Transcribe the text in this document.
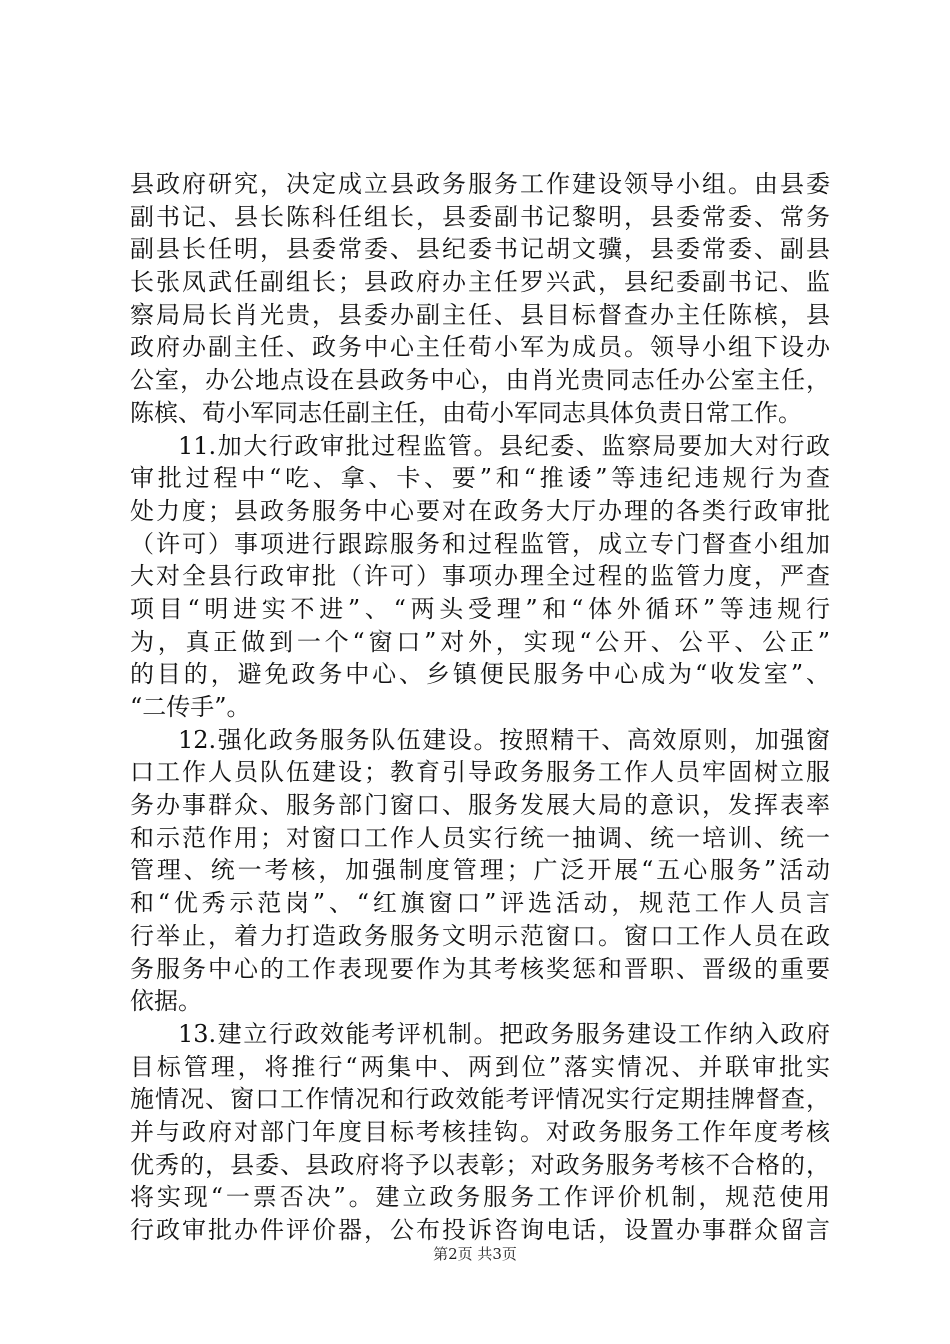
县政府研究，决定成立县政务服务工作建设领导小组。由县委
副书记、县长陈科任组长，县委副书记黎明，县委常委、常务
副县长任明，县委常委、县纪委书记胡文骥，县委常委、副县
长张凤武任副组长；县政府办主任罗兴武，县纪委副书记、监
察局局长肖光贵，县委办副主任、县目标督查办主任陈槟，县
政府办副主任、政务中心主任荀小军为成员。领导小组下设办
公室，办公地点设在县政务中心，由肖光贵同志任办公室主任，
陈槟、荀小军同志任副主任，由荀小军同志具体负责日常工作。
11.加大行政审批过程监管。县纪委、监察局要加大对行政
审批过程中“吃、拿、卡、要”和“推诿”等违纪违规行为查
处力度；县政务服务中心要对在政务大厅办理的各类行政审批
（许可）事项进行跟踪服务和过程监管，成立专门督查小组加
大对全县行政审批（许可）事项办理全过程的监管力度，严查
项目“明进实不进”、“两头受理”和“体外循环”等违规行
为，真正做到一个“窗口”对外，实现“公开、公平、公正”
的目的，避免政务中心、乡镇便民服务中心成为“收发室”、
“二传手”。
12.强化政务服务队伍建设。按照精干、高效原则，加强窗
口工作人员队伍建设；教育引导政务服务工作人员牢固树立服
务办事群众、服务部门窗口、服务发展大局的意识，发挥表率
和示范作用；对窗口工作人员实行统一抽调、统一培训、统一
管理、统一考核，加强制度管理；广泛开展“五心服务”活动
和“优秀示范岗”、“红旗窗口”评选活动，规范工作人员言
行举止，着力打造政务服务文明示范窗口。窗口工作人员在政
务服务中心的工作表现要作为其考核奖惩和晋职、晋级的重要
依据。
13.建立行政效能考评机制。把政务服务建设工作纳入政府
目标管理，将推行“两集中、两到位”落实情况、并联审批实
施情况、窗口工作情况和行政效能考评情况实行定期挂牌督查，
并与政府对部门年度目标考核挂钩。对政务服务工作年度考核
优秀的，县委、县政府将予以表彰；对政务服务考核不合格的，
将实现“一票否决”。建立政务服务工作评价机制，规范使用
行政审批办件评价器，公布投诉咨询电话，设置办事群众留言
第2页 共3页
